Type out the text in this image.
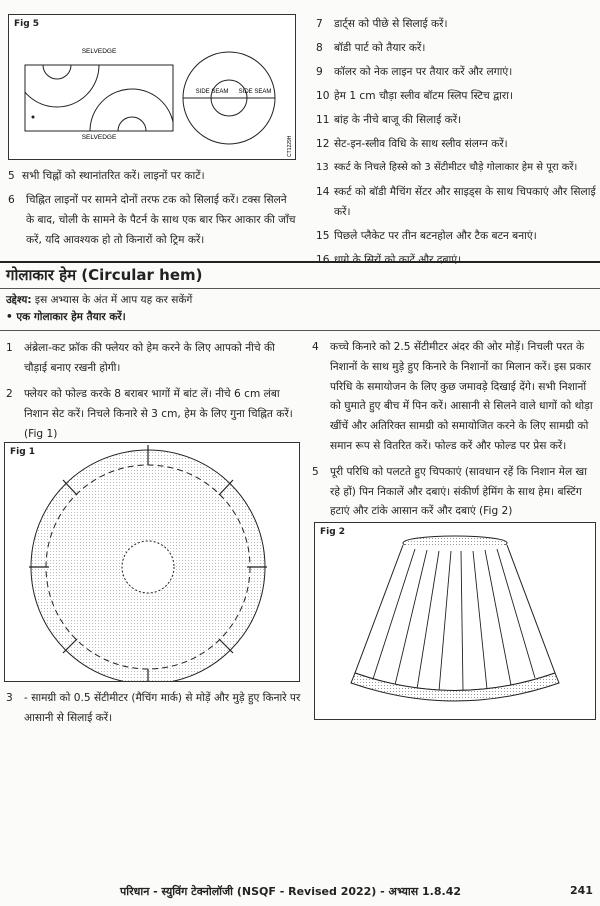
Fig 5
SELVEDGE
SELVEDGE
SIDE SEAM SIDE SEAM
CT1229H

5 सभी चिह्नों को स्थानांतरित करें। लाइनों पर काटें।

6 चिह्नित लाइनों पर सामने दोनों तरफ टक को सिलाई करें। टक्स सिलने के बाद, चोली के सामने के पैटर्न के साथ एक बार फिर आकार की जाँच करें, यदि आवश्यक हो तो किनारों को ट्रिम करें।

7 डार्ट्स को पीछे से सिलाई करें।
8 बॉडी पार्ट को तैयार करें।
9 कॉलर को नेक लाइन पर तैयार करें और लगाएं।
10 हेम 1 cm चौड़ा स्लीव बॉटम स्लिप स्टिच द्वारा।
11 बांह के नीचे बाजू की सिलाई करें।
12 सेट-इन-स्लीव विधि के साथ स्लीव संलग्न करें।
13 स्कर्ट के निचले हिस्से को 3 सेंटीमीटर चौड़े गोलाकार हेम से पूरा करें।
14 स्कर्ट को बॉडी मैचिंग सेंटर और साइड्स के साथ चिपकाएं और सिलाई करें।
15 पिछले प्लैकेट पर तीन बटनहोल और टैक बटन बनाएं।
16 धागे के सिरों को काटें और दबाएं।
गोलाकार हेम (Circular hem)
उद्देश्य: इस अभ्यास के अंत में आप यह कर सकेंगें
• एक गोलाकार हेम तैयार करें।

1 अंब्रेला-कट फ्रॉक की फ्लेयर को हेम करने के लिए आपको नीचे की चौड़ाई बनाए रखनी होगी।

2 फ्लेयर को फोल्ड करके 8 बराबर भागों में बांट लें। नीचे 6 cm लंबा निशान सेट करें। निचले किनारे से 3 cm, हेम के लिए गुना चिह्नित करें। (Fig 1)

Fig 1
3 - सामग्री को 0.5 सेंटीमीटर (मैचिंग मार्क) से मोड़ें और मुड़े हुए किनारे पर आसानी से सिलाई करें।

4 कच्चे किनारे को 2.5 सेंटीमीटर अंदर की ओर मोड़ें। निचली परत के निशानों के साथ मुड़े हुए किनारे के निशानों का मिलान करें। इस प्रकार परिधि के समायोजन के लिए कुछ जमावड़े दिखाई देंगे। सभी निशानों को घुमाते हुए बीच में पिन करें। आसानी से सिलने वाले धागों को थोड़ा खींचें और अतिरिक्त सामग्री को समायोजित करने के लिए सामग्री को समान रूप से वितरित करें। फोल्ड करें और फोल्ड पर प्रेस करें।

5 पूरी परिधि को पलटते हुए चिपकाएं (सावधान रहें कि निशान मेल खा रहे हों) पिन निकालें और दबाएं। संकीर्ण हेमिंग के साथ हेम। बस्टिंग हटाएं और टांके आसान करें और दबाएं (Fig 2)

Fig 2
परिधान - स्युविंग टेक्नोलॉजी (NSQF - Revised 2022) - अभ्यास 1.8.42	241
